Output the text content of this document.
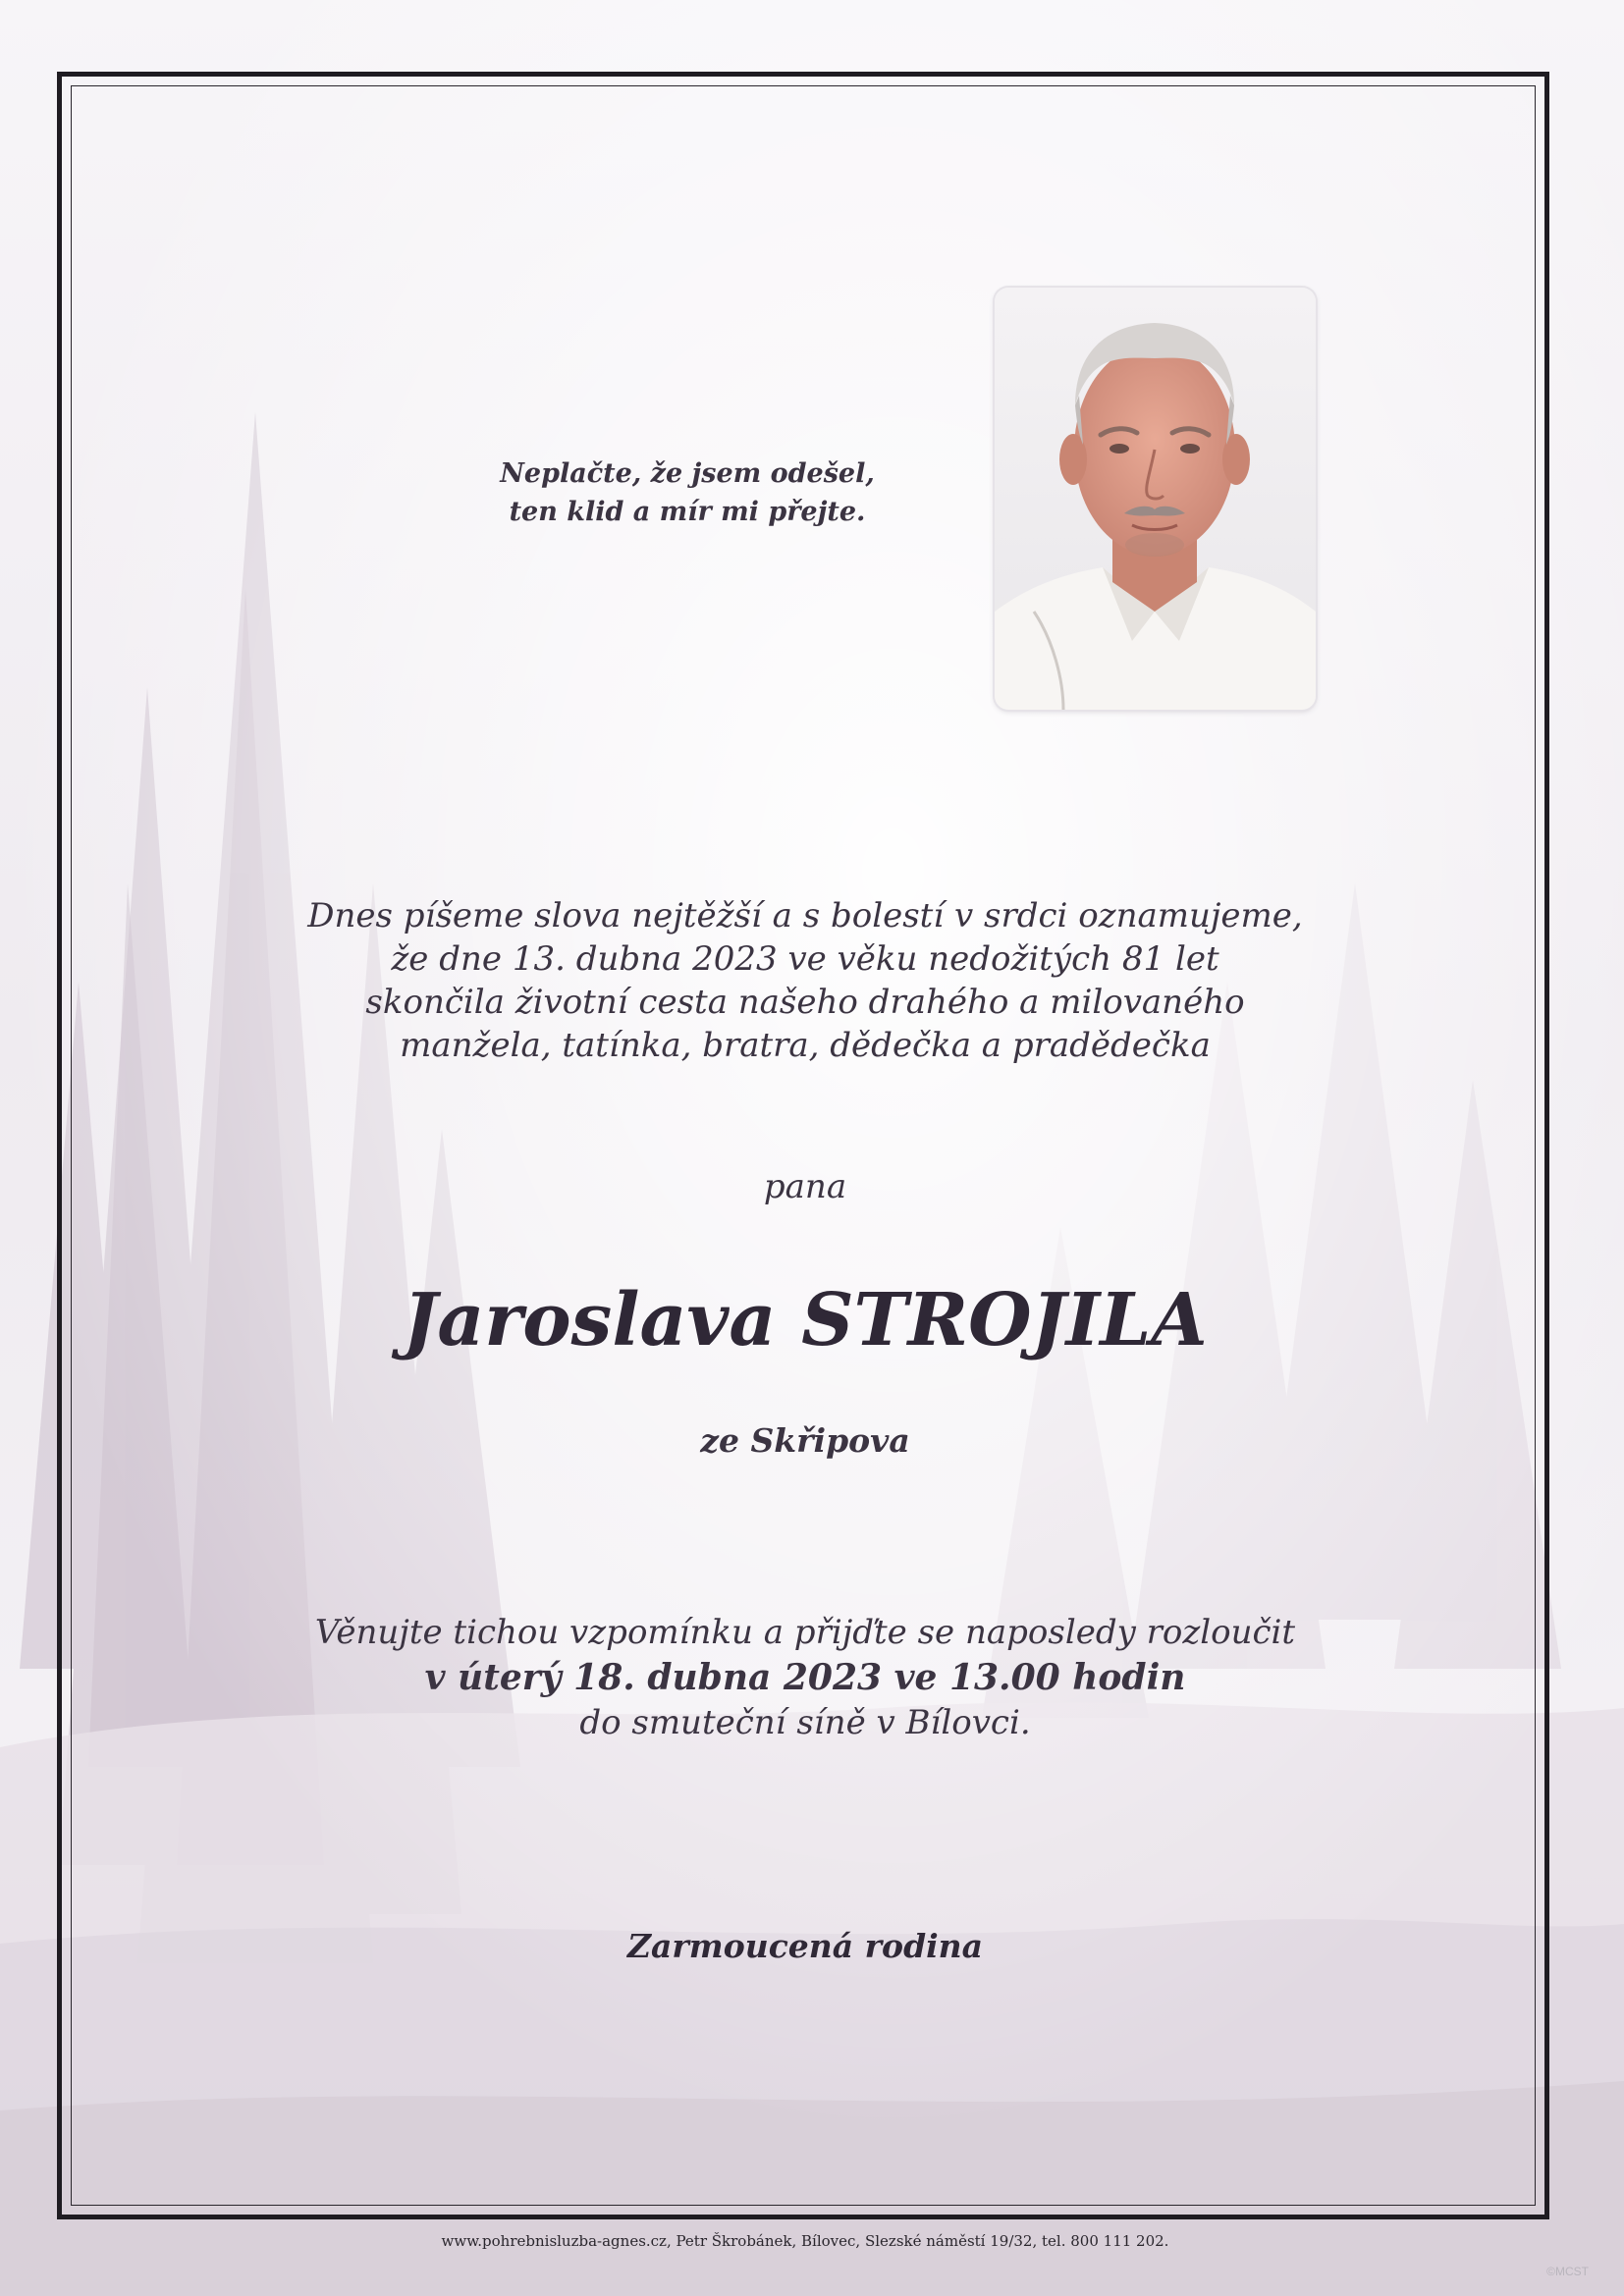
Neplačte, že jsem odešel,
ten klid a mír mi přejte.
Dnes píšeme slova nejtěžší a s bolestí v srdci oznamujeme,
že dne 13. dubna 2023 ve věku nedožitých 81 let
skončila životní cesta našeho drahého a milovaného
manžela, tatínka, bratra, dědečka a pradědečka
pana
Jaroslava STROJILA
ze Skřipova
Věnujte tichou vzpomínku a přijďte se naposledy rozloučit
v úterý 18. dubna 2023 ve 13.00 hodin
do smuteční síně v Bílovci.
Zarmoucená rodina
www.pohrebnisluzba-agnes.cz, Petr Škrobánek, Bílovec, Slezské náměstí 19/32, tel. 800 111 202.
©MCST
